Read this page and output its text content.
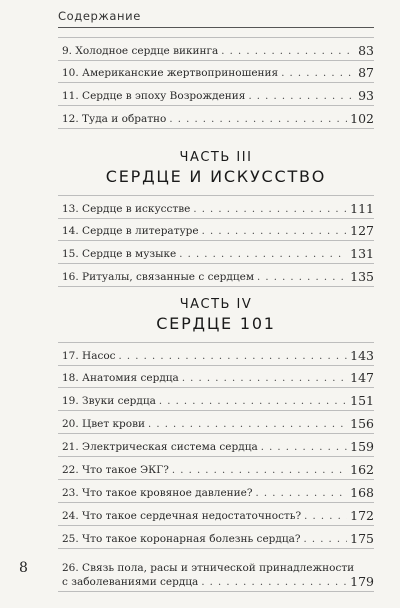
Содержание
9. Холодное сердце викинга . . .	83
10. Американские жертвоприношения . . .	87
11. Сердце в эпоху Возрождения . . .	93
12. Туда и обратно . . .	102
ЧАСТЬ III
СЕРДЦЕ И ИСКУССТВО
13. Сердце в искусстве . . .	111
14. Сердце в литературе . . .	127
15. Сердце в музыке . . .	131
16. Ритуалы, связанные с сердцем . . .	135
ЧАСТЬ IV
СЕРДЦЕ 101
17. Насос . . .	143
18. Анатомия сердца . . .	147
19. Звуки сердца . . .	151
20. Цвет крови . . .	156
21. Электрическая система сердца . . .	159
22. Что такое ЭКГ? . . .	162
23. Что такое кровяное давление? . . .	168
24. Что такое сердечная недостаточность? . . .	172
25. Что такое коронарная болезнь сердца? . . .	175
26. Связь пола, расы и этнической принадлежности
с заболеваниями сердца . . .	179
8
